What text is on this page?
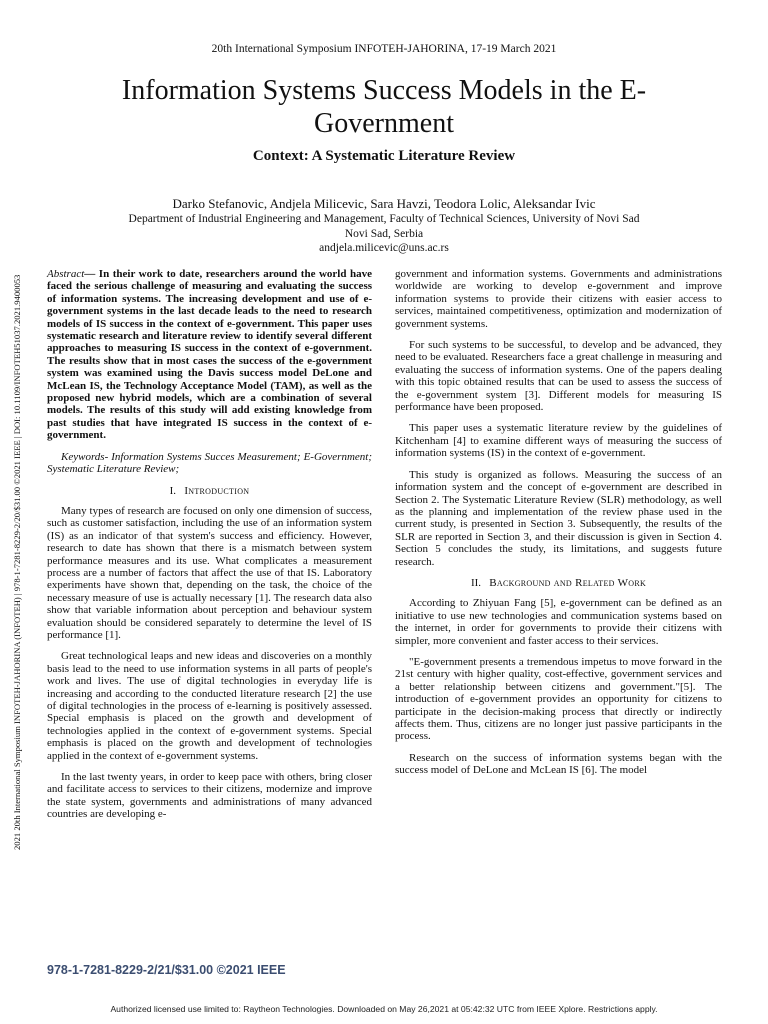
20th International Symposium INFOTEH-JAHORINA, 17-19 March 2021
Information Systems Success Models in the E-Government
Context: A Systematic Literature Review
Darko Stefanovic, Andjela Milicevic, Sara Havzi, Teodora Lolic, Aleksandar Ivic
Department of Industrial Engineering and Management, Faculty of Technical Sciences, University of Novi Sad
Novi Sad, Serbia
andjela.milicevic@uns.ac.rs
2021 20th International Symposium INFOTEH-JAHORINA (INFOTEH) | 978-1-7281-8229-2/20/$31.00 ©2021 IEEE | DOI: 10.1109/INFOTEH51037.2021.9400053

Abstract— In their work to date, researchers around the world have faced the serious challenge of measuring and evaluating the success of information systems. The increasing development and use of e-government systems in the last decade leads to the need to research models of IS success in the context of e-government. This paper uses systematic research and literature review to identify several different approaches to measuring IS success in the context of e-government. The results show that in most cases the success of the e-government system was examined using the Davis success model DeLone and McLean IS, the Technology Acceptance Model (TAM), as well as the proposed new hybrid models, which are a combination of several models. The results of this study will add existing knowledge from past studies that have integrated IS success in the context of e-government.

Keywords- Information Systems Succes Measurement; E-Government; Systematic Literature Review;

I. Introduction

Many types of research are focused on only one dimension of success, such as customer satisfaction, including the use of an information system (IS) as an indicator of that system's success and efficiency. However, research to date has shown that there is a mismatch between system performance measures and its use. What complicates a measurement process are a number of factors that affect the use of that IS. Laboratory experiments have shown that, depending on the task, the choice of the necessary measure of use is actually necessary [1]. The research data also show that variable information about perception and behaviour system evaluation should be considered separately to determine the level of IS performance [1].

Great technological leaps and new ideas and discoveries on a monthly basis lead to the need to use information systems in all parts of people's work and lives. The use of digital technologies in everyday life is increasing and according to the conducted literature research [2] the use of digital technologies in the process of e-learning is positively assessed. Special emphasis is placed on the growth and development of technologies applied in the context of e-government systems. Special emphasis is placed on the growth and development of technologies applied in the context of e-government systems.

In the last twenty years, in order to keep pace with others, bring closer and facilitate access to services to their citizens, modernize and improve the state system, governments and administrations of many advanced countries are developing e-

government and information systems. Governments and administrations worldwide are working to develop e-government and improve information systems to provide their citizens with easier access to services, maintained competitiveness, optimization and modernization of government systems.

For such systems to be successful, to develop and be advanced, they need to be evaluated. Researchers face a great challenge in measuring and evaluating the success of information systems. One of the papers dealing with this topic obtained results that can be used to assess the success of the e-government system [3]. Different models for measuring IS performance have been proposed.

This paper uses a systematic literature review by the guidelines of Kitchenham [4] to examine different ways of measuring the success of information systems (IS) in the context of e-government.

This study is organized as follows. Measuring the success of an information system and the concept of e-government are described in Section 2. The Systematic Literature Review (SLR) methodology, as well as the planning and implementation of the review phase used in the current study, is presented in Section 3. Subsequently, the results of the SLR are reported in Section 3, and their discussion is given in Section 4. Section 5 concludes the study, its limitations, and suggests future research.

II. Background and Related Work

According to Zhiyuan Fang [5], e-government can be defined as an initiative to use new technologies and communication systems based on the internet, in order for governments to provide their citizens with simpler, more convenient and faster access to their services.

"E-government presents a tremendous impetus to move forward in the 21st century with higher quality, cost-effective, government services and a better relationship between citizens and government."[5]. The introduction of e-government provides an opportunity for citizens to participate in the decision-making process that directly or indirectly affects them. Thus, citizens are no longer just passive participants in the process.

Research on the success of information systems began with the success model of DeLone and McLean IS [6]. The model

978-1-7281-8229-2/21/$31.00 ©2021 IEEE
Authorized licensed use limited to: Raytheon Technologies. Downloaded on May 26,2021 at 05:42:32 UTC from IEEE Xplore. Restrictions apply.
